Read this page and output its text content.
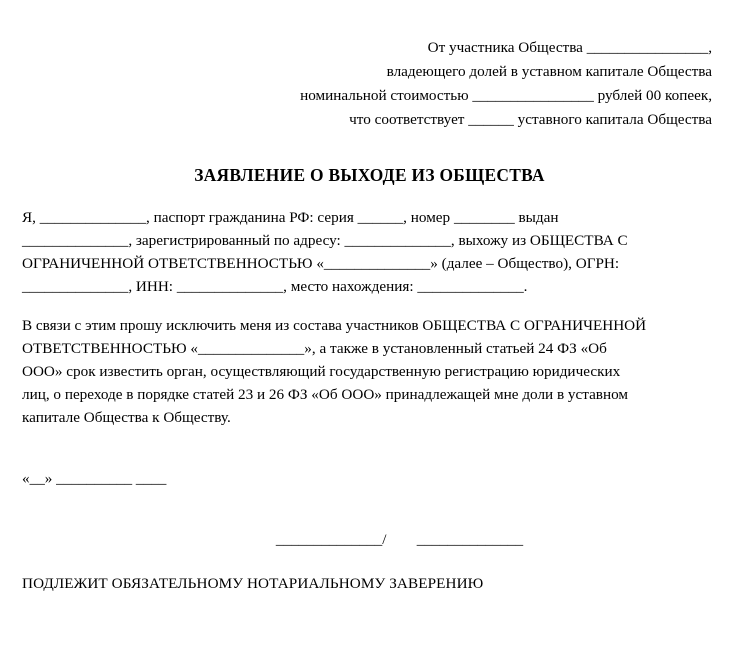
От участника Общества ________________,
владеющего долей в уставном капитале Общества
номинальной стоимостью ________________ рублей 00 копеек,
что соответствует ______ уставного капитала Общества
ЗАЯВЛЕНИЕ О ВЫХОДЕ ИЗ ОБЩЕСТВА
Я, ______________, паспорт гражданина РФ: серия ______, номер ________ выдан ______________, зарегистрированный по адресу: ______________, выхожу из ОБЩЕСТВА С ОГРАНИЧЕННОЙ ОТВЕТСТВЕННОСТЬЮ «______________» (далее – Общество), ОГРН: ______________, ИНН: ______________, место нахождения: ______________.
В связи с этим прошу исключить меня из состава участников ОБЩЕСТВА С ОГРАНИЧЕННОЙ ОТВЕТСТВЕННОСТЬЮ «______________», а также в установленный статьей 24 ФЗ «Об ООО» срок известить орган, осуществляющий государственную регистрацию юридических лиц, о переходе в порядке статей 23 и 26 ФЗ «Об ООО» принадлежащей мне доли в уставном капитале Общества к Обществу.
«__» __________ ____
______________/        ______________
ПОДЛЕЖИТ ОБЯЗАТЕЛЬНОМУ НОТАРИАЛЬНОМУ ЗАВЕРЕНИЮ
